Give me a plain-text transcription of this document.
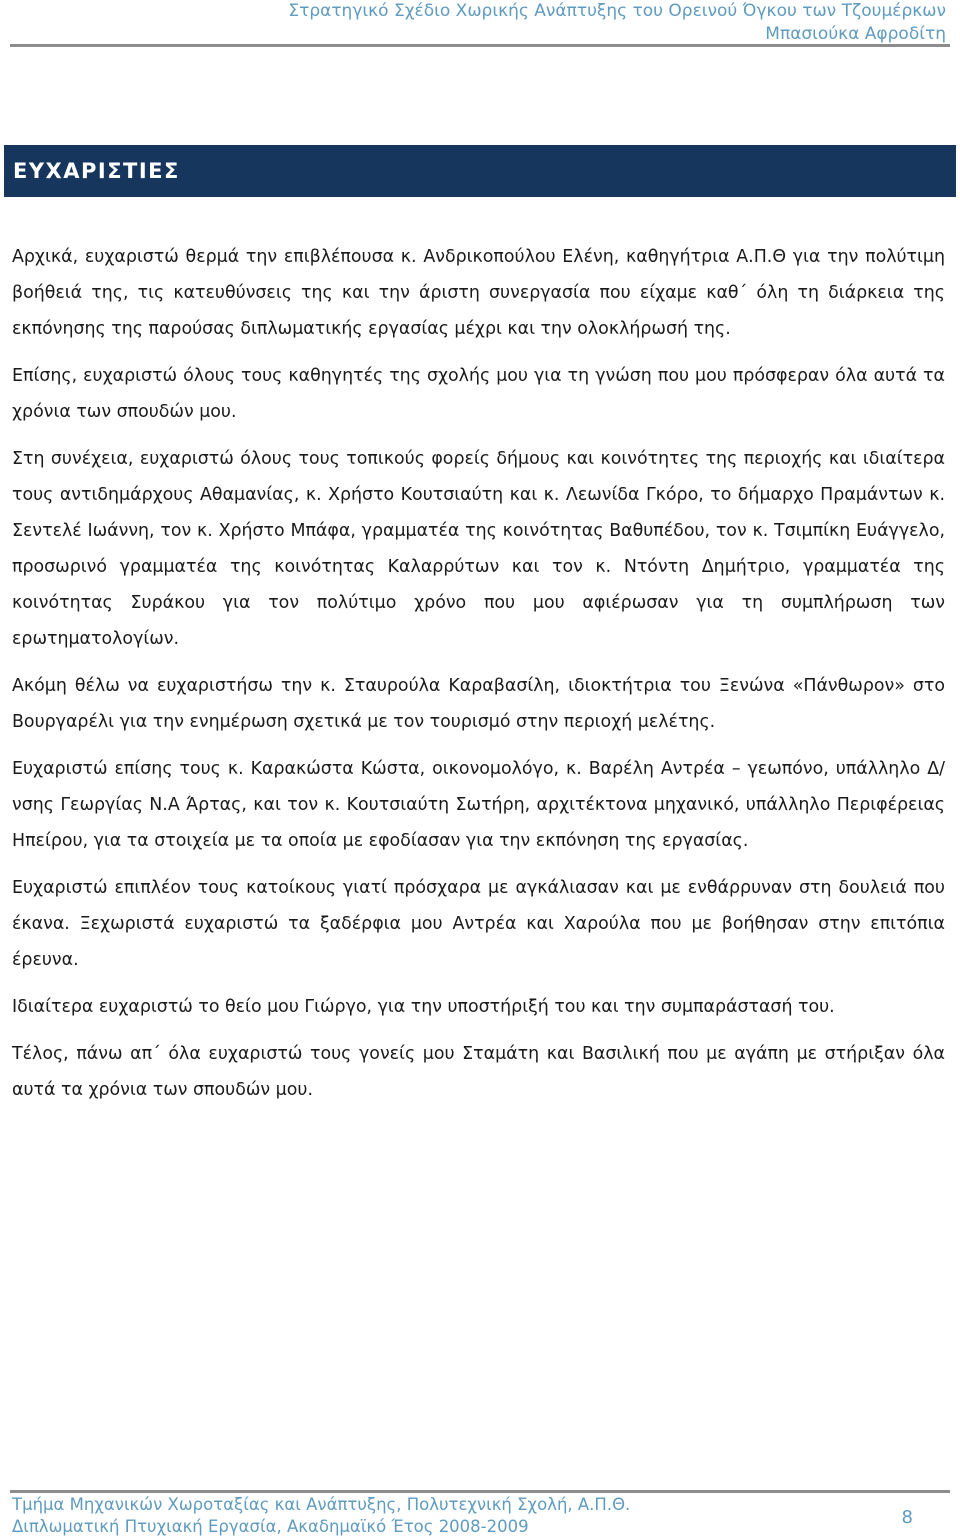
Στρατηγικό Σχέδιο Χωρικής Ανάπτυξης του Ορεινού Όγκου των Τζουμέρκων
Μπασιούκα Αφροδίτη
ΕΥΧΑΡΙΣΤΙΕΣ

Αρχικά, ευχαριστώ θερμά την επιβλέπουσα κ. Ανδρικοπούλου Ελένη, καθηγήτρια Α.Π.Θ για την πολύτιμη βοήθειά της, τις κατευθύνσεις της και την άριστη συνεργασία που είχαμε καθ΄ όλη τη διάρκεια της εκπόνησης της παρούσας διπλωματικής εργασίας μέχρι και την ολοκλήρωσή της.

Επίσης, ευχαριστώ όλους τους καθηγητές της σχολής μου για τη γνώση που μου πρόσφεραν όλα αυτά τα χρόνια των σπουδών μου.

Στη συνέχεια, ευχαριστώ όλους τους τοπικούς φορείς δήμους και κοινότητες της περιοχής και ιδιαίτερα τους αντιδημάρχους Αθαμανίας, κ. Χρήστο Κουτσιαύτη και κ. Λεωνίδα Γκόρο, το δήμαρχο Πραμάντων κ. Σεντελέ Ιωάννη, τον κ. Χρήστο Μπάφα, γραμματέα της κοινότητας Βαθυπέδου, τον κ. Τσιμπίκη Ευάγγελο, προσωρινό γραμματέα της κοινότητας Καλαρρύτων και τον κ. Ντόντη Δημήτριο, γραμματέα της κοινότητας Συράκου για τον πολύτιμο χρόνο που μου αφιέρωσαν για τη συμπλήρωση των ερωτηματολογίων.

Ακόμη θέλω να ευχαριστήσω την κ. Σταυρούλα Καραβασίλη, ιδιοκτήτρια του Ξενώνα «Πάνθωρον» στο Βουργαρέλι για την ενημέρωση σχετικά με τον τουρισμό στην περιοχή μελέτης.

Ευχαριστώ επίσης τους κ. Καρακώστα Κώστα, οικονομολόγο, κ. Βαρέλη Αντρέα – γεωπόνο, υπάλληλο Δ/νσης Γεωργίας Ν.Α Άρτας, και τον κ. Κουτσιαύτη Σωτήρη, αρχιτέκτονα μηχανικό, υπάλληλο Περιφέρειας Ηπείρου, για τα στοιχεία με τα οποία με εφοδίασαν για την εκπόνηση της εργασίας.

Ευχαριστώ επιπλέον τους κατοίκους γιατί πρόσχαρα με αγκάλιασαν και με ενθάρρυναν στη δουλειά που έκανα. Ξεχωριστά ευχαριστώ τα ξαδέρφια μου Αντρέα και Χαρούλα που με βοήθησαν στην επιτόπια έρευνα.

Ιδιαίτερα ευχαριστώ το θείο μου Γιώργο, για την υποστήριξή του και την συμπαράστασή του.

Τέλος, πάνω απ΄ όλα ευχαριστώ τους γονείς μου Σταμάτη και Βασιλική που με αγάπη με στήριξαν όλα αυτά τα χρόνια των σπουδών μου.

Τμήμα Μηχανικών Χωροταξίας και Ανάπτυξης, Πολυτεχνική Σχολή, Α.Π.Θ.
Διπλωματική Πτυχιακή Εργασία, Ακαδημαϊκό Έτος 2008-2009	8
